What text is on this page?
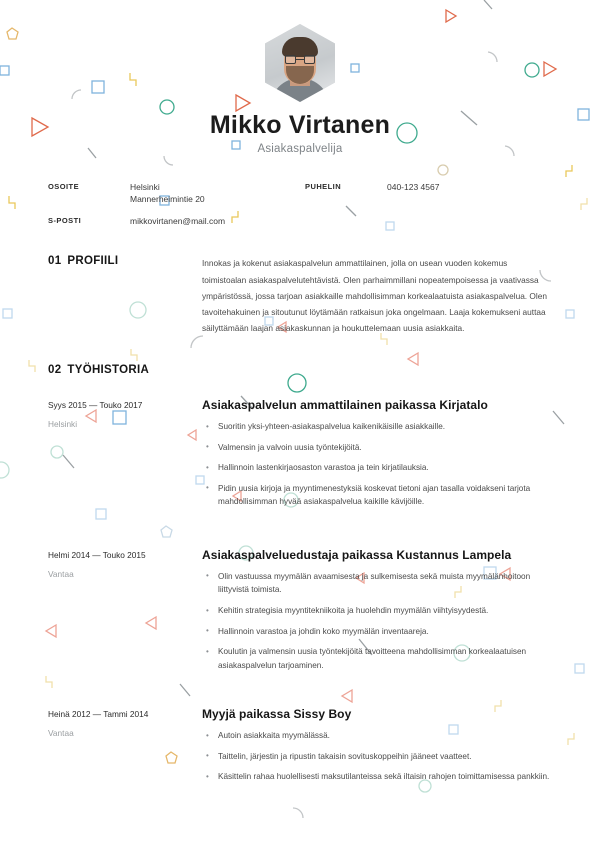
Mikko Virtanen

Asiakaspalvelija

OSOITE	Helsinki
Mannerheimintie 20
S-POSTI	mikkovirtanen@mail.com
PUHELIN	040-123 4567
01 PROFIILI	Innokas ja kokenut asiakaspalvelun ammattilainen, jolla on usean vuoden kokemus toimistoalan asiakaspalvelutehtävistä. Olen parhaimmillani nopeatempoisessa ja vaativassa ympäristössä, jossa tarjoan asiakkaille mahdollisimman korkealaatuista asiakaspalvelua. Olen tavoitehakuinen ja sitoutunut löytämään ratkaisun joka ongelmaan. Laaja kokemukseni auttaa säilyttämään laajan asiakaskunnan ja houkuttelemaan uusia asiakkaita.

02 TYÖHISTORIA
Syys 2015 — Touko 2017
Helsinki
Asiakaspalvelun ammattilainen paikassa Kirjatalo
• Suoritin yksi-yhteen-asiakaspalvelua kaikenikäisille asiakkaille.
• Valmensin ja valvoin uusia työntekijöitä.
• Hallinnoin lastenkirjaosaston varastoa ja tein kirjatilauksia.
• Pidin uusia kirjoja ja myyntimenestyksiä koskevat tietoni ajan tasalla voidakseni tarjota mahdollisimman hyvää asiakaspalvelua kaikille kävijöille.
Helmi 2014 — Touko 2015
Vantaa
Asiakaspalveluedustaja paikassa Kustannus Lampela
• Olin vastuussa myymälän avaamisesta ja sulkemisesta sekä muista myymälänhoitoon liittyvistä toimista.
• Kehitin strategisia myyntitekniikoita ja huolehdin myymälän viihtyisyydestä.
• Hallinnoin varastoa ja johdin koko myymälän inventaareja.
• Koulutin ja valmensin uusia työntekijöitä tavoitteena mahdollisimman korkealaatuisen asiakaspalvelun tarjoaminen.
Heinä 2012 — Tammi 2014
Vantaa
Myyjä paikassa Sissy Boy
• Autoin asiakkaita myymälässä.
• Taittelin, järjestin ja ripustin takaisin sovituskoppeihin jääneet vaatteet.
• Käsittelin rahaa huolellisesti maksutilanteissa sekä iltaisin rahojen toimittamisessa pankkiin.
